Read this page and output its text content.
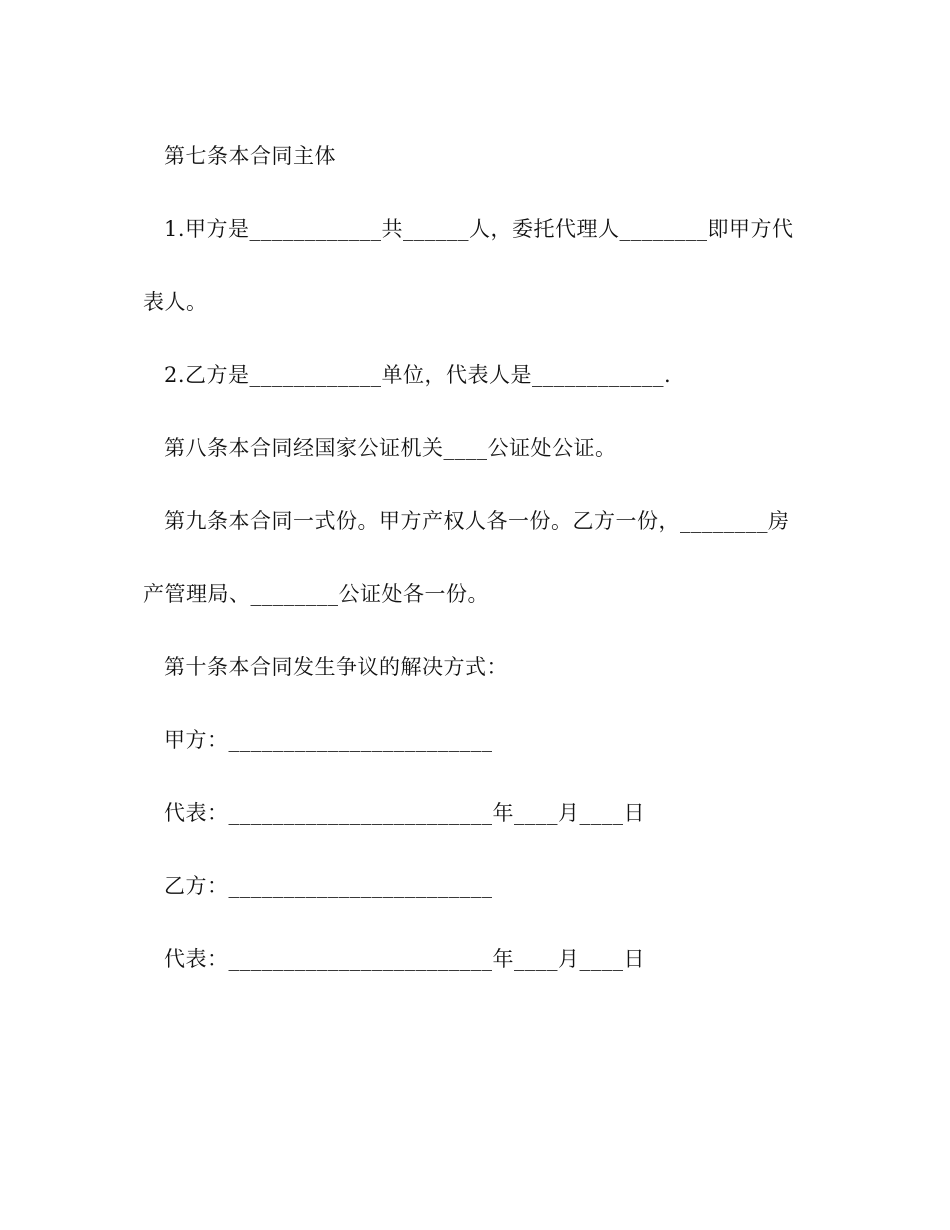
第七条本合同主体

1.甲方是____________共______人，委托代理人________即甲方代表人。

2.乙方是____________单位，代表人是____________.

第八条本合同经国家公证机关____公证处公证。

第九条本合同一式份。甲方产权人各一份。乙方一份，________房产管理局、________公证处各一份。

第十条本合同发生争议的解决方式：

甲方：________________________

代表：________________________年____月____日

乙方：________________________

代表：________________________年____月____日
